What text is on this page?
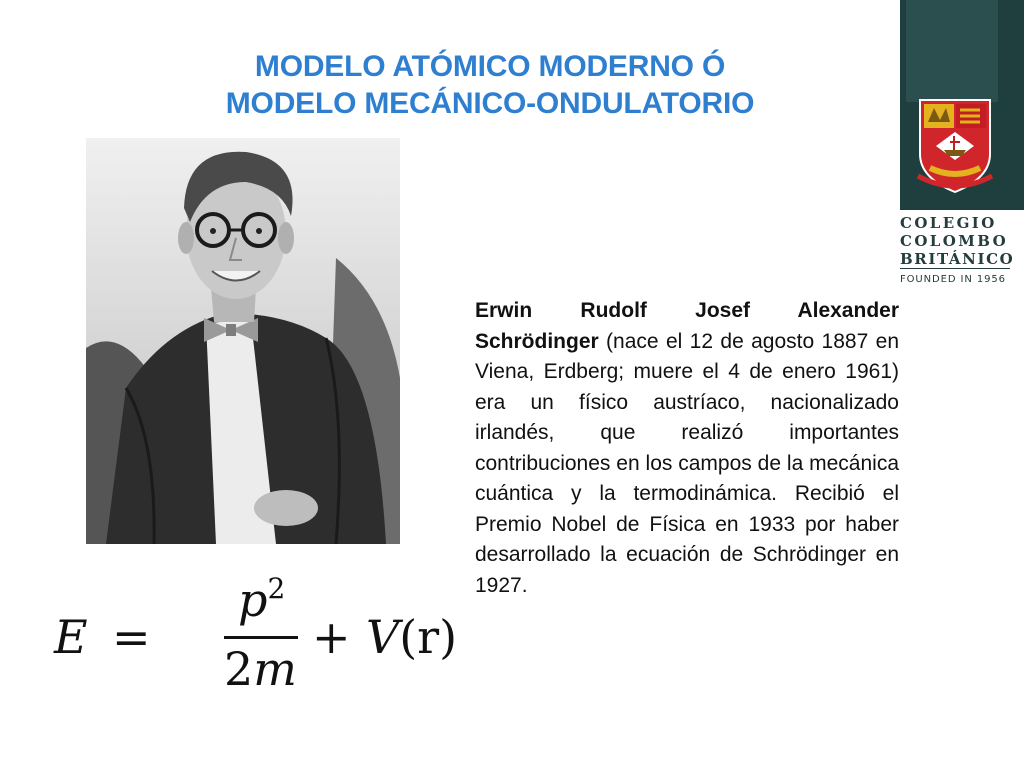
MODELO ATÓMICO MODERNO Ó
MODELO MECÁNICO-ONDULATORIO
COLEGIO
COLOMBO
BRITÁNICO
FOUNDED IN 1956
E =
$p^2$
2m
+ V(r)
Erwin Rudolf Josef Alexander Schrödinger (nace el 12 de agosto 1887 en Viena, Erdberg; muere el 4 de enero 1961) era un físico austríaco, nacionalizado irlandés, que realizó importantes contribuciones en los campos de la mecánica cuántica y la termodinámica. Recibió el Premio Nobel de Física en 1933 por haber desarrollado la ecuación de Schrödinger en 1927.
